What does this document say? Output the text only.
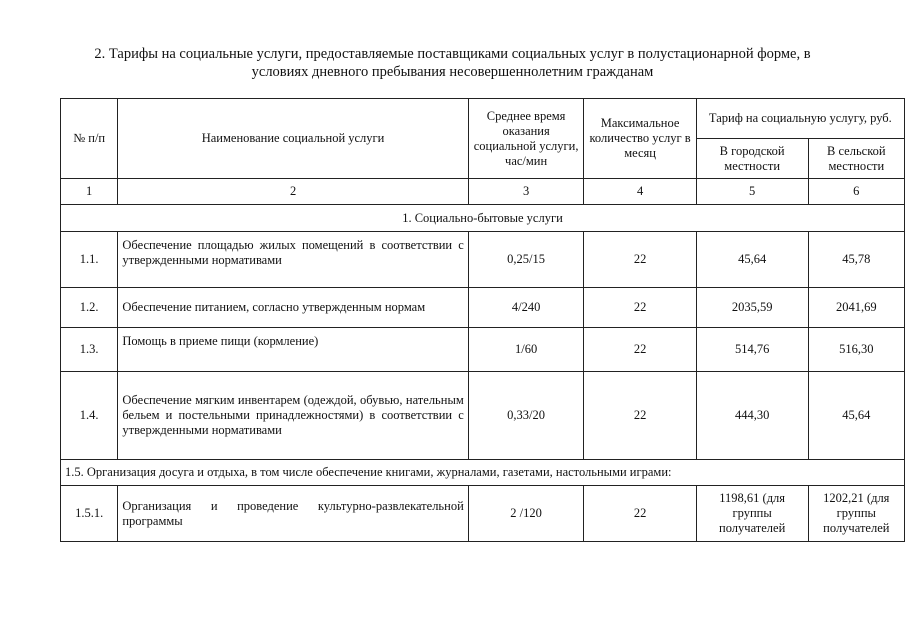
2. Тарифы на социальные услуги, предоставляемые поставщиками социальных услуг в полустационарной форме, в
условиях дневного пребывания несовершеннолетним гражданам
№ п/п	Наименование социальной услуги	Среднее время оказания социальной услуги, час/мин	Максимальное количество услуг в месяц	Тариф на социальную услугу, руб.	
				В городской местности	В сельской местности
1	2	3	4	5	6
1. Социально-бытовые услуги					
1.1.	Обеспечение площадью жилых помещений в соответствии с утвержденными нормативами	0,25/15	22	45,64	45,78
1.2.	Обеспечение питанием, согласно утвержденным нормам	4/240	22	2035,59	2041,69
1.3.	Помощь в приеме пищи (кормление)	1/60	22	514,76	516,30
1.4.	Обеспечение мягким инвентарем (одеждой, обувью, нательным бельем и постельными принадлежностями) в соответствии с утвержденными нормативами	0,33/20	22	444,30	45,64
1.5. Организация досуга и отдыха, в том числе обеспечение книгами, журналами, газетами, настольными играми:					
1.5.1.	Организация и проведение культурно-развлекательной программы	2 /120	22	1198,61 (для группы получателей	1202,21 (для группы получателей
